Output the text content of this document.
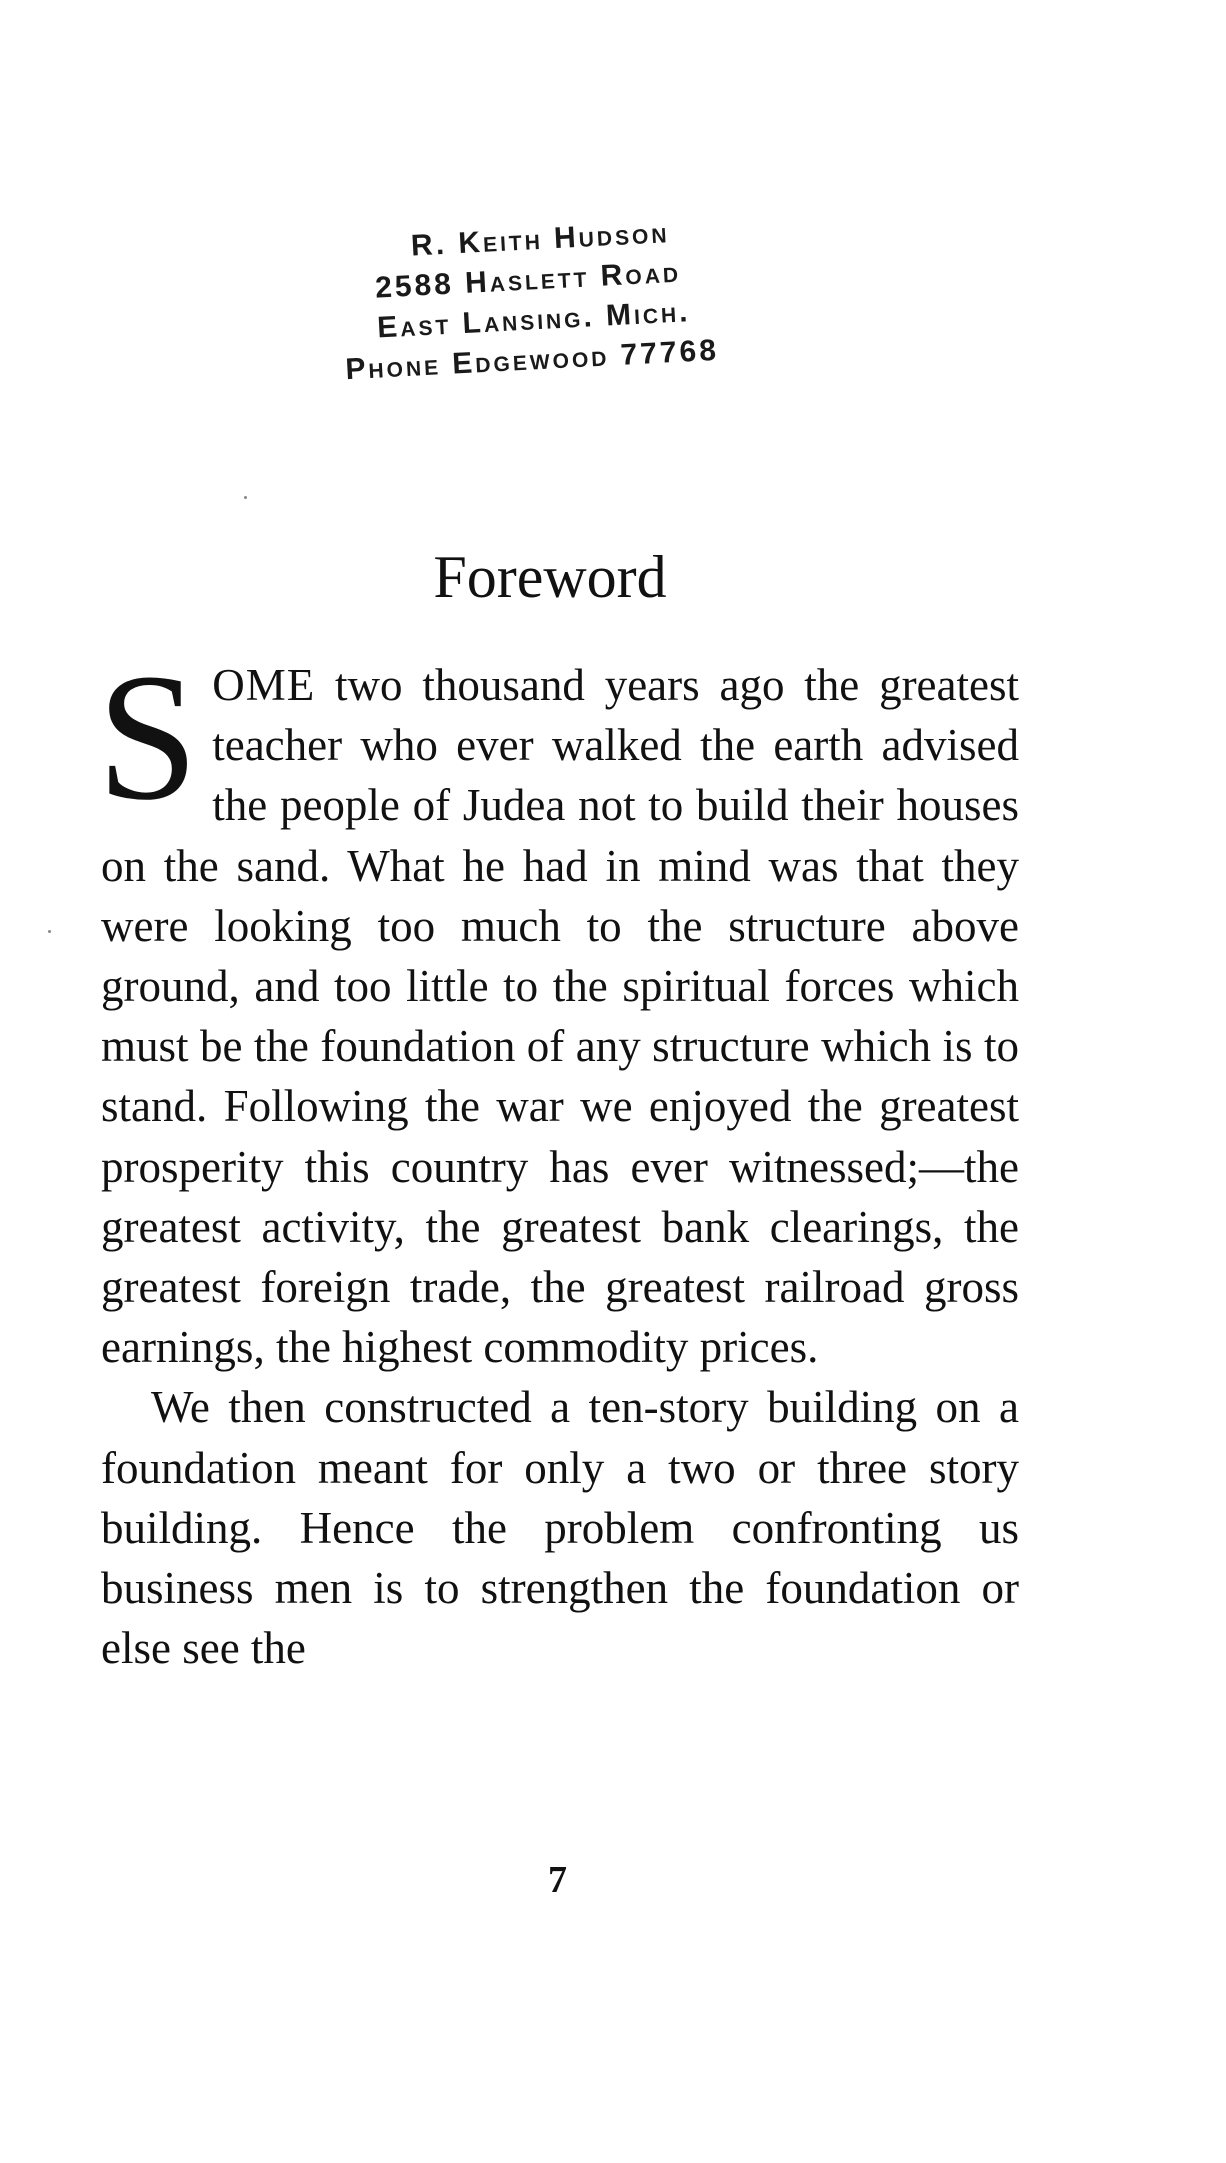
R. Keith Hudson
2588 Haslett Road
East Lansing. Mich.
Phone Edgewood 77768
Foreword

SOME two thousand years ago the greatest teacher who ever walked the earth advised the people of Judea not to build their houses on the sand. What he had in mind was that they were looking too much to the structure above ground, and too little to the spiritual forces which must be the foundation of any structure which is to stand. Following the war we enjoyed the greatest prosperity this country has ever witnessed;—the greatest activity, the greatest bank clearings, the greatest foreign trade, the greatest railroad gross earnings, the highest commodity prices.

We then constructed a ten-story building on a foundation meant for only a two or three story building. Hence the problem confronting us business men is to strengthen the foundation or else see the

7
